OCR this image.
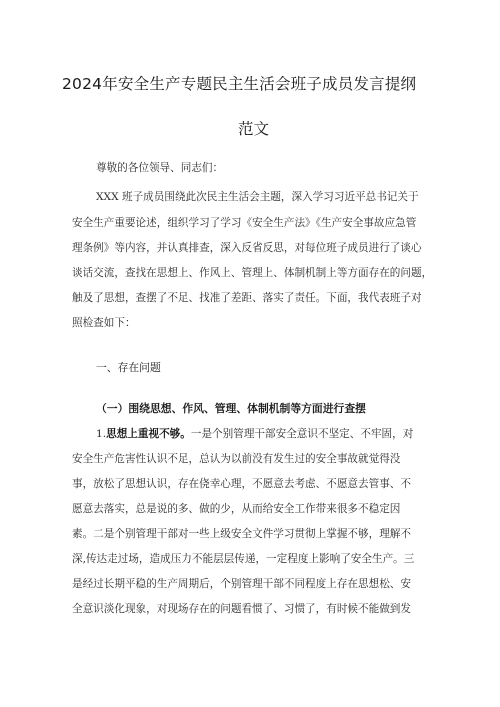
2024年安全生产专题民主生活会班子成员发言提纲
范文
尊敬的各位领导、同志们：
XXX 班子成员围绕此次民主生活会主题，深入学习习近平总书记关于
安全生产重要论述，组织学习了学习《安全生产法》《生产安全事故应急管
理条例》等内容，并认真排查，深入反省反思，对每位班子成员进行了谈心
谈话交流，查找在思想上、作风上、管理上、体制机制上等方面存在的问题，
触及了思想，查摆了不足、找准了差距、落实了责任。下面，我代表班子对
照检查如下：
一、存在问题
（一）围绕思想、作风、管理、体制机制等方面进行查摆
1.思想上重视不够。一是个别管理干部安全意识不坚定、不牢固，对
安全生产危害性认识不足，总认为以前没有发生过的安全事故就觉得没
事，放松了思想认识，存在侥幸心理，不愿意去考虑、不愿意去管事、不
愿意去落实，总是说的多、做的少，从而给安全工作带来很多不稳定因
素。二是个别管理干部对一些上级安全文件学习贯彻上掌握不够，理解不
深,传达走过场，造成压力不能层层传递，一定程度上影响了安全生产。三
是经过长期平稳的生产周期后，个别管理干部不同程度上存在思想松、安
全意识淡化现象，对现场存在的问题看惯了、习惯了，有时候不能做到发
